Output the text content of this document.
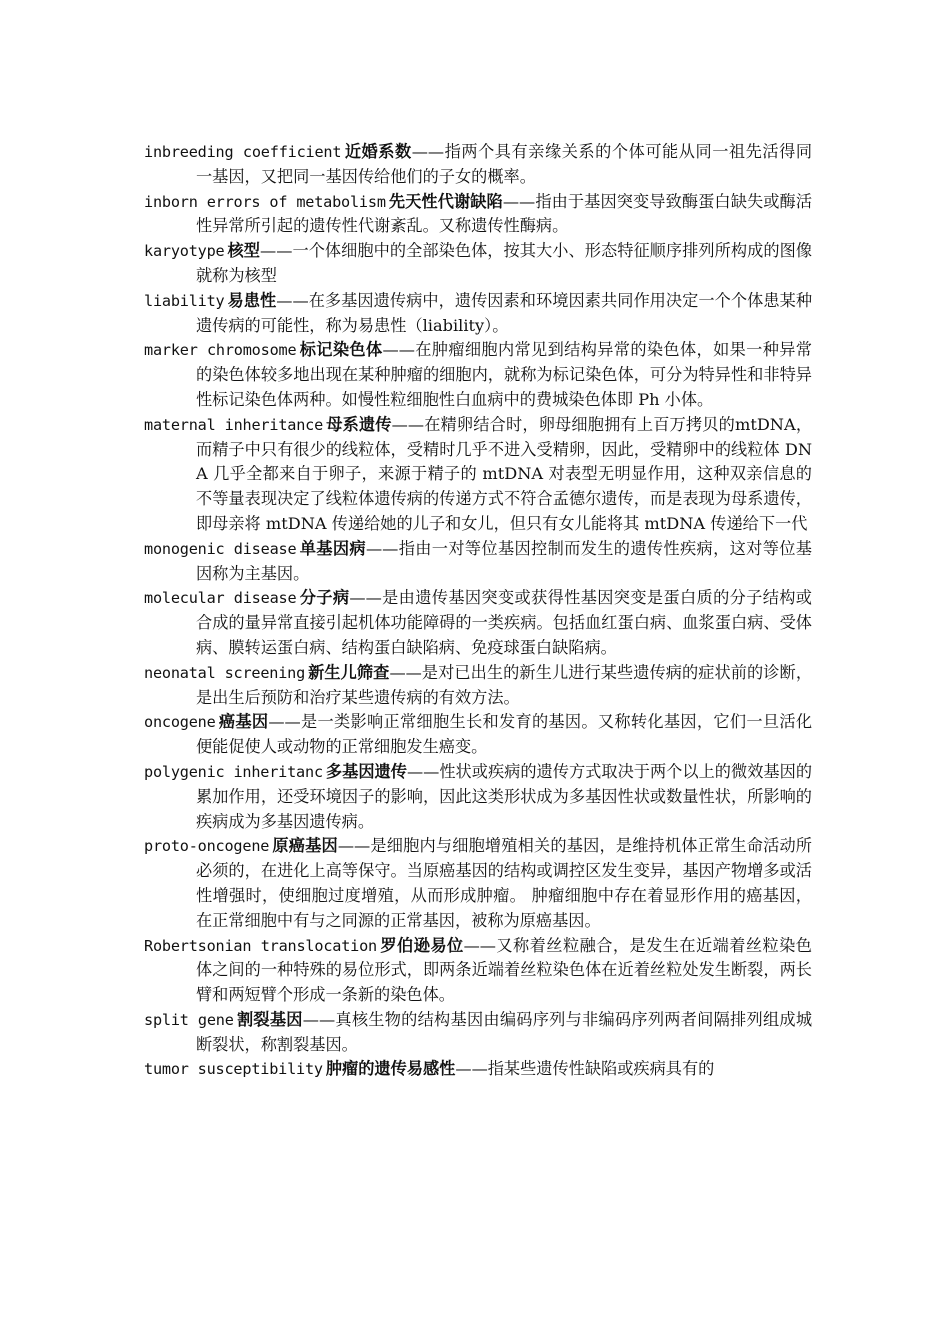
inbreeding coefficient 近婚系数——指两个具有亲缘关系的个体可能从同一祖先活得同一基因，又把同一基因传给他们的子女的概率。
inborn errors of metabolism 先天性代谢缺陷——指由于基因突变导致酶蛋白缺失或酶活性异常所引起的遗传性代谢紊乱。又称遗传性酶病。
karyotype 核型——一个体细胞中的全部染色体，按其大小、形态特征顺序排列所构成的图像就称为核型
liability 易患性——在多基因遗传病中，遗传因素和环境因素共同作用决定一个个体患某种遗传病的可能性，称为易患性（liability）。
marker chromosome 标记染色体——在肿瘤细胞内常见到结构异常的染色体，如果一种异常的染色体较多地出现在某种肿瘤的细胞内，就称为标记染色体，可分为特异性和非特异性标记染色体两种。如慢性粒细胞性白血病中的费城染色体即 Ph 小体。
maternal inheritance 母系遗传——在精卵结合时，卵母细胞拥有上百万拷贝的mtDNA，而精子中只有很少的线粒体，受精时几乎不进入受精卵，因此，受精卵中的线粒体 DNA 几乎全都来自于卵子，来源于精子的 mtDNA 对表型无明显作用，这种双亲信息的不等量表现决定了线粒体遗传病的传递方式不符合孟德尔遗传，而是表现为母系遗传，即母亲将 mtDNA 传递给她的儿子和女儿，但只有女儿能将其 mtDNA 传递给下一代
monogenic disease 单基因病——指由一对等位基因控制而发生的遗传性疾病，这对等位基因称为主基因。
molecular disease 分子病——是由遗传基因突变或获得性基因突变是蛋白质的分子结构或合成的量异常直接引起机体功能障碍的一类疾病。包括血红蛋白病、血浆蛋白病、受体病、膜转运蛋白病、结构蛋白缺陷病、免疫球蛋白缺陷病。
neonatal screening 新生儿筛查——是对已出生的新生儿进行某些遗传病的症状前的诊断，是出生后预防和治疗某些遗传病的有效方法。
oncogene 癌基因——是一类影响正常细胞生长和发育的基因。又称转化基因，它们一旦活化便能促使人或动物的正常细胞发生癌变。
polygenic inheritanc 多基因遗传——性状或疾病的遗传方式取决于两个以上的微效基因的累加作用，还受环境因子的影响，因此这类形状成为多基因性状或数量性状，所影响的疾病成为多基因遗传病。
proto-oncogene 原癌基因——是细胞内与细胞增殖相关的基因，是维持机体正常生命活动所必须的，在进化上高等保守。当原癌基因的结构或调控区发生变异，基因产物增多或活性增强时，使细胞过度增殖，从而形成肿瘤。 肿瘤细胞中存在着显形作用的癌基因，在正常细胞中有与之同源的正常基因，被称为原癌基因。
Robertsonian translocation 罗伯逊易位——又称着丝粒融合，是发生在近端着丝粒染色体之间的一种特殊的易位形式，即两条近端着丝粒染色体在近着丝粒处发生断裂，两长臂和两短臂个形成一条新的染色体。
split gene 割裂基因——真核生物的结构基因由编码序列与非编码序列两者间隔排列组成城断裂状，称割裂基因。
tumor susceptibility 肿瘤的遗传易感性——指某些遗传性缺陷或疾病具有的
